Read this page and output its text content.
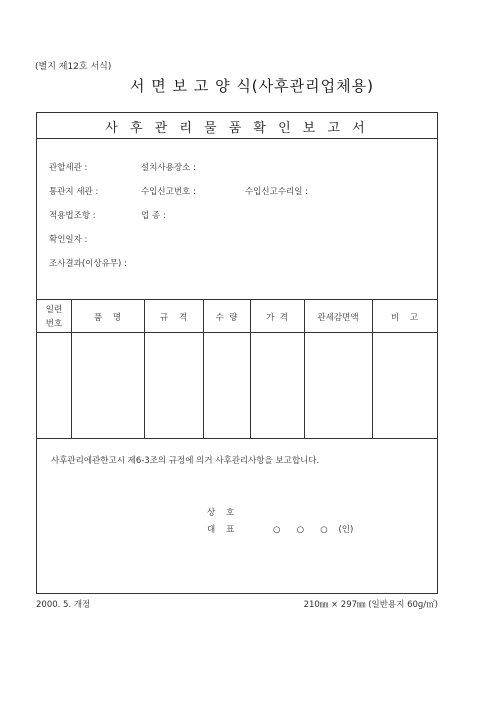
(별지 제12호 서식)
서 면 보 고 양 식(사후관리업체용)
사 후 관 리 물 품 확 인 보 고 서
관할세관 :	설치사용장소 :
통관지 세관 :	수입신고번호 :	수입신고수리일 :
적용법조항 :	업 종 :
확인일자 :
조사결과(이상유무) :
일련
번호
품    명	규    격	수  량	가  격	관세감면액	비    고
사후관리에관한고시 제6-3조의 규정에 의거 사후관리사항을 보고합니다.
상    호
대    표	○      ○      ○    (인)
2000. 5. 개정	210㎜ × 297㎜ (일반용지 60g/㎡)
